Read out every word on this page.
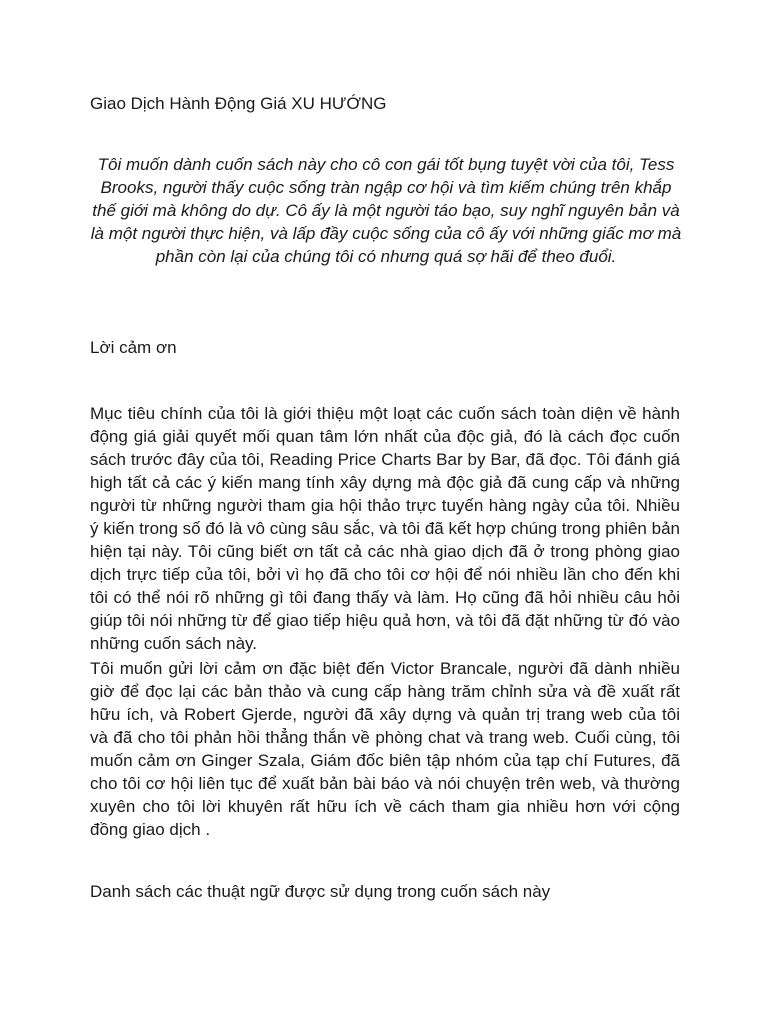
Giao Dịch Hành Động Giá XU HƯỚNG

Tôi muốn dành cuốn sách này cho cô con gái tốt bụng tuyệt vời của tôi, Tess Brooks, người thấy cuộc sống tràn ngập cơ hội và tìm kiếm chúng trên khắp thế giới mà không do dự. Cô ấy là một người táo bạo, suy nghĩ nguyên bản và là một người thực hiện, và lấp đầy cuộc sống của cô ấy với những giấc mơ mà phần còn lại của chúng tôi có nhưng quá sợ hãi để theo đuổi.

Lời cảm ơn

Mục tiêu chính của tôi là giới thiệu một loạt các cuốn sách toàn diện về hành động giá giải quyết mối quan tâm lớn nhất của độc giả, đó là cách đọc cuốn sách trước đây của tôi, Reading Price Charts Bar by Bar, đã đọc. Tôi đánh giá high tất cả các ý kiến mang tính xây dựng mà độc giả đã cung cấp và những người từ những người tham gia hội thảo trực tuyến hàng ngày của tôi. Nhiều ý kiến trong số đó là vô cùng sâu sắc, và tôi đã kết hợp chúng trong phiên bản hiện tại này. Tôi cũng biết ơn tất cả các nhà giao dịch đã ở trong phòng giao dịch trực tiếp của tôi, bởi vì họ đã cho tôi cơ hội để nói nhiều lần cho đến khi tôi có thể nói rõ những gì tôi đang thấy và làm. Họ cũng đã hỏi nhiều câu hỏi giúp tôi nói những từ để giao tiếp hiệu quả hơn, và tôi đã đặt những từ đó vào những cuốn sách này.

Tôi muốn gửi lời cảm ơn đặc biệt đến Victor Brancale, người đã dành nhiều giờ để đọc lại các bản thảo và cung cấp hàng trăm chỉnh sửa và đề xuất rất hữu ích, và Robert Gjerde, người đã xây dựng và quản trị trang web của tôi và đã cho tôi phản hồi thẳng thắn về phòng chat và trang web. Cuối cùng, tôi muốn cảm ơn Ginger Szala, Giám đốc biên tập nhóm của tạp chí Futures, đã cho tôi cơ hội liên tục để xuất bản bài báo và nói chuyện trên web, và thường xuyên cho tôi lời khuyên rất hữu ích về cách tham gia nhiều hơn với cộng đồng giao dịch .

Danh sách các thuật ngữ được sử dụng trong cuốn sách này
